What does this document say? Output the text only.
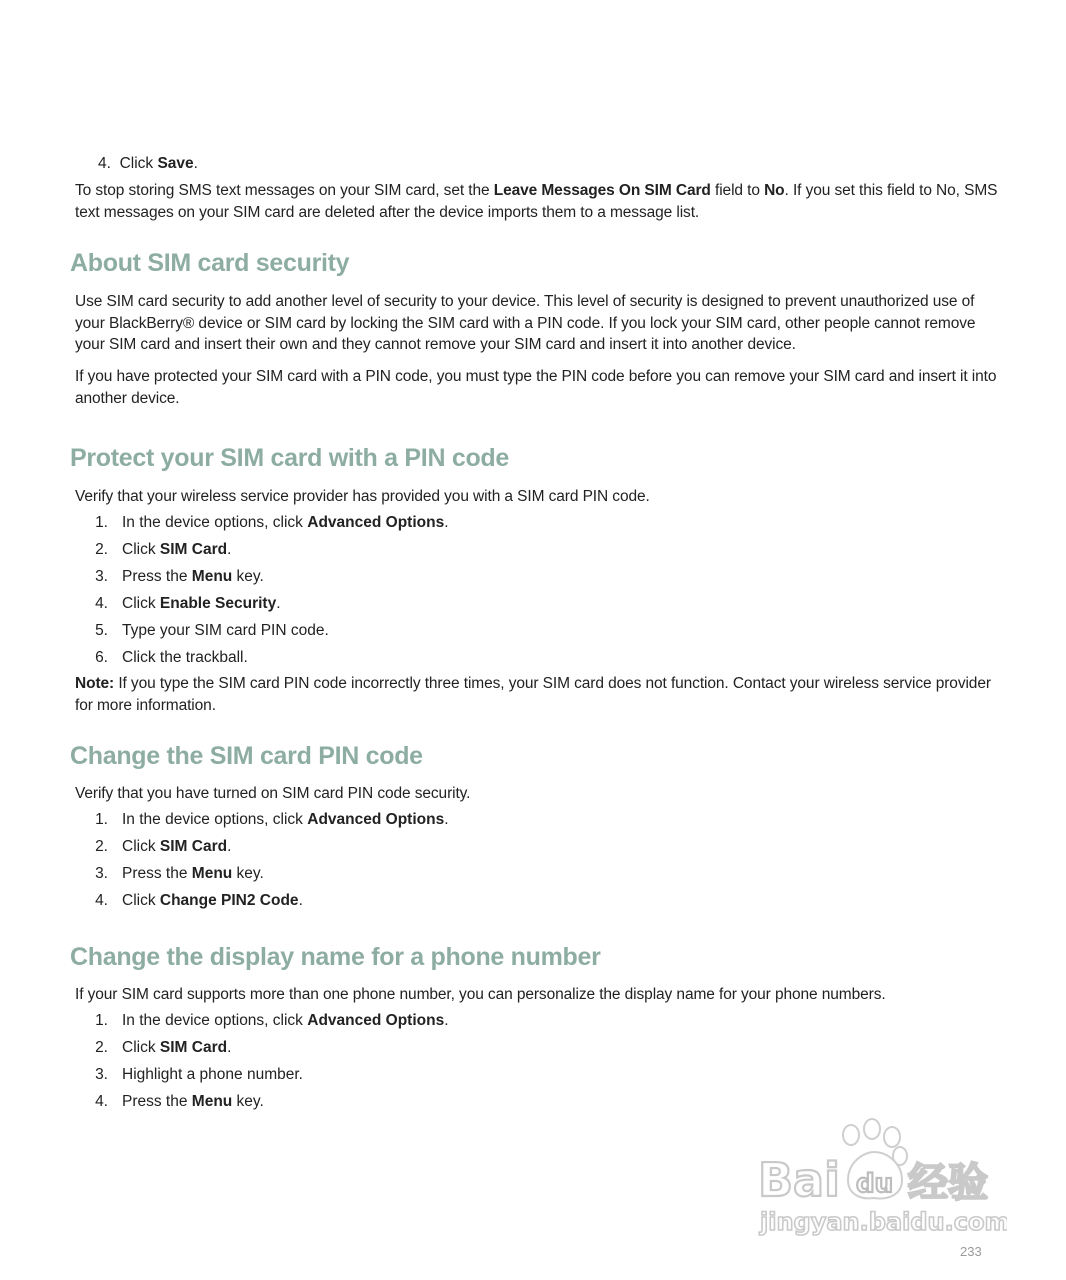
4. Click Save.
To stop storing SMS text messages on your SIM card, set the Leave Messages On SIM Card field to No. If you set this field to No, SMS text messages on your SIM card are deleted after the device imports them to a message list.
About SIM card security
Use SIM card security to add another level of security to your device. This level of security is designed to prevent unauthorized use of your BlackBerry® device or SIM card by locking the SIM card with a PIN code. If you lock your SIM card, other people cannot remove your SIM card and insert their own and they cannot remove your SIM card and insert it into another device.
If you have protected your SIM card with a PIN code, you must type the PIN code before you can remove your SIM card and insert it into another device.
Protect your SIM card with a PIN code
Verify that your wireless service provider has provided you with a SIM card PIN code.
1. In the device options, click Advanced Options.
2. Click SIM Card.
3. Press the Menu key.
4. Click Enable Security.
5. Type your SIM card PIN code.
6. Click the trackball.
Note: If you type the SIM card PIN code incorrectly three times, your SIM card does not function. Contact your wireless service provider for more information.
Change the SIM card PIN code
Verify that you have turned on SIM card PIN code security.
1. In the device options, click Advanced Options.
2. Click SIM Card.
3. Press the Menu key.
4. Click Change PIN2 Code.
Change the display name for a phone number
If your SIM card supports more than one phone number, you can personalize the display name for your phone numbers.
1. In the device options, click Advanced Options.
2. Click SIM Card.
3. Highlight a phone number.
4. Press the Menu key.
Bai du 经验
jingyan.baidu.com
233
